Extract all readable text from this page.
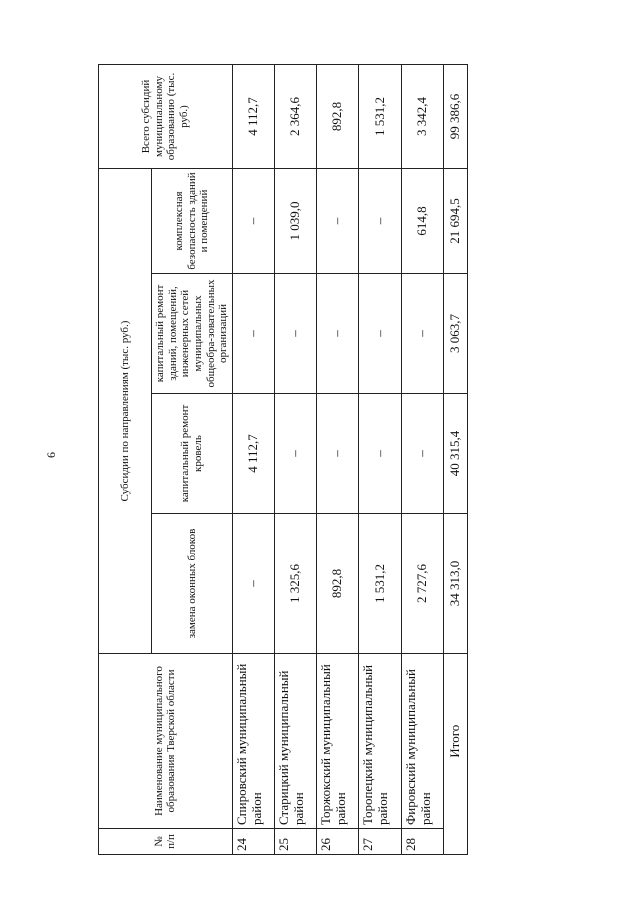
6
№ п/п	Наименование муниципального образования Тверской области	Субсидии по направлениям (тыс. руб.)				Всего субсидий муниципальному образованию (тыс. руб.)
		замена оконных блоков	капитальный ремонт кровель	капитальный ремонт зданий, помещений, инженерных сетей муниципальных общеобра-зовательных организаций	комплексная безопасность зданий и помещений	
24	Спировский муниципальный район	–	4 112,7	–	–	4 112,7
25	Старицкий муниципальный район	1 325,6	–	–	1 039,0	2 364,6
26	Торжокский муниципальный район	892,8	–	–	–	892,8
27	Торопецкий муниципальный район	1 531,2	–	–	–	1 531,2
28	Фировский муниципальный район	2 727,6	–	–	614,8	3 342,4
	Итого	34 313,0	40 315,4	3 063,7	21 694,5	99 386,6
